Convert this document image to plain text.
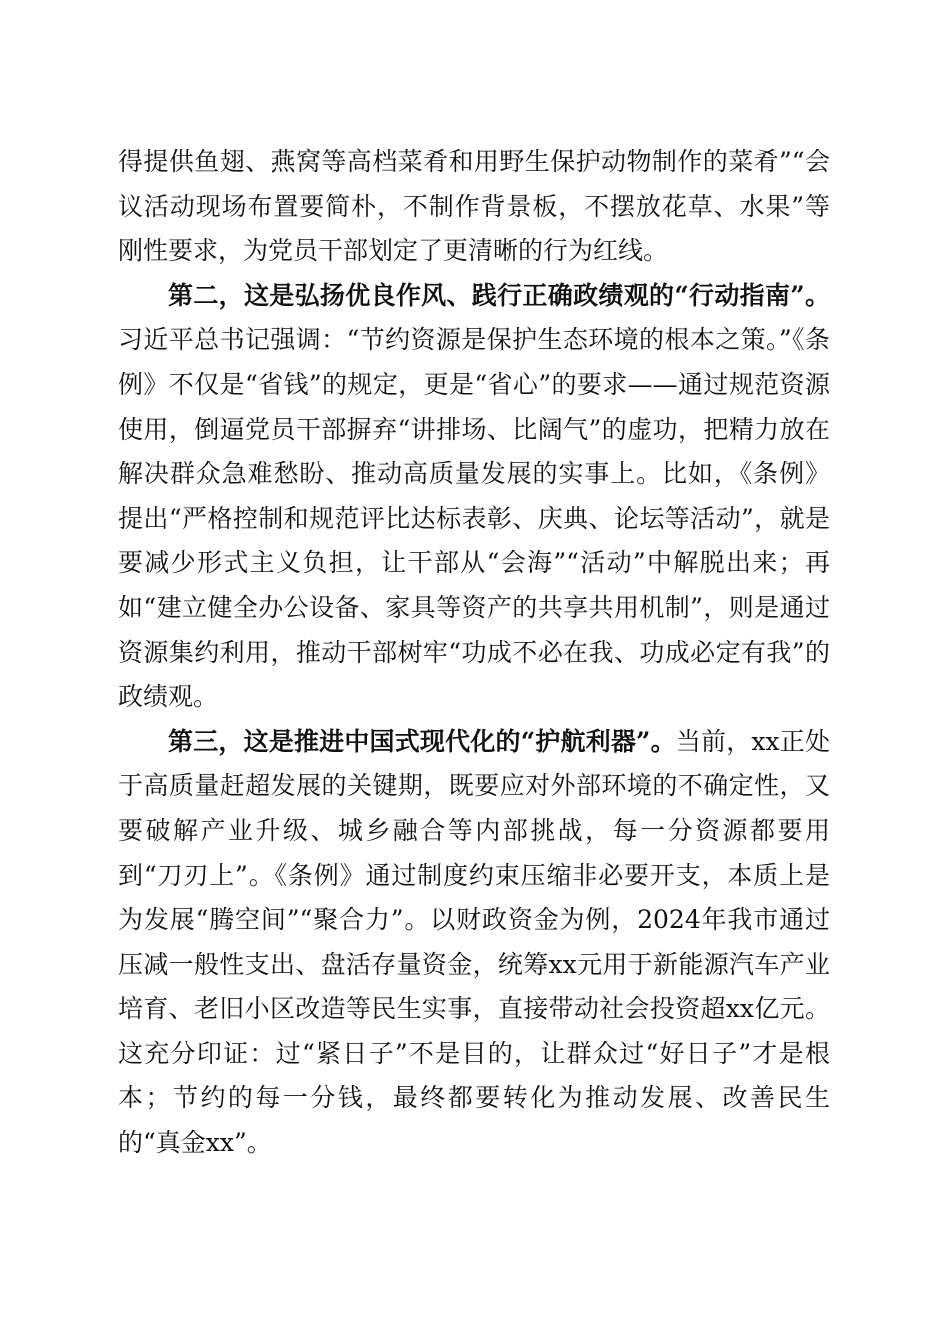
得提供鱼翅、燕窝等高档菜肴和用野生保护动物制作的菜肴”“会议活动现场布置要简朴，不制作背景板，不摆放花草、水果”等刚性要求，为党员干部划定了更清晰的行为红线。

第二，这是弘扬优良作风、践行正确政绩观的“行动指南”。习近平总书记强调：“节约资源是保护生态环境的根本之策。”《条例》不仅是“省钱”的规定，更是“省心”的要求——通过规范资源使用，倒逼党员干部摒弃“讲排场、比阔气”的虚功，把精力放在解决群众急难愁盼、推动高质量发展的实事上。比如，《条例》提出“严格控制和规范评比达标表彰、庆典、论坛等活动”，就是要减少形式主义负担，让干部从“会海”“活动”中解脱出来；再如“建立健全办公设备、家具等资产的共享共用机制”，则是通过资源集约利用，推动干部树牢“功成不必在我、功成必定有我”的政绩观。

第三，这是推进中国式现代化的“护航利器”。当前，xx正处于高质量赶超发展的关键期，既要应对外部环境的不确定性，又要破解产业升级、城乡融合等内部挑战，每一分资源都要用到“刀刃上”。《条例》通过制度约束压缩非必要开支，本质上是为发展“腾空间”“聚合力”。以财政资金为例，2024年我市通过压减一般性支出、盘活存量资金，统筹xx元用于新能源汽车产业培育、老旧小区改造等民生实事，直接带动社会投资超xx亿元。这充分印证：过“紧日子”不是目的，让群众过“好日子”才是根本；节约的每一分钱，最终都要转化为推动发展、改善民生的“真金xx”。
